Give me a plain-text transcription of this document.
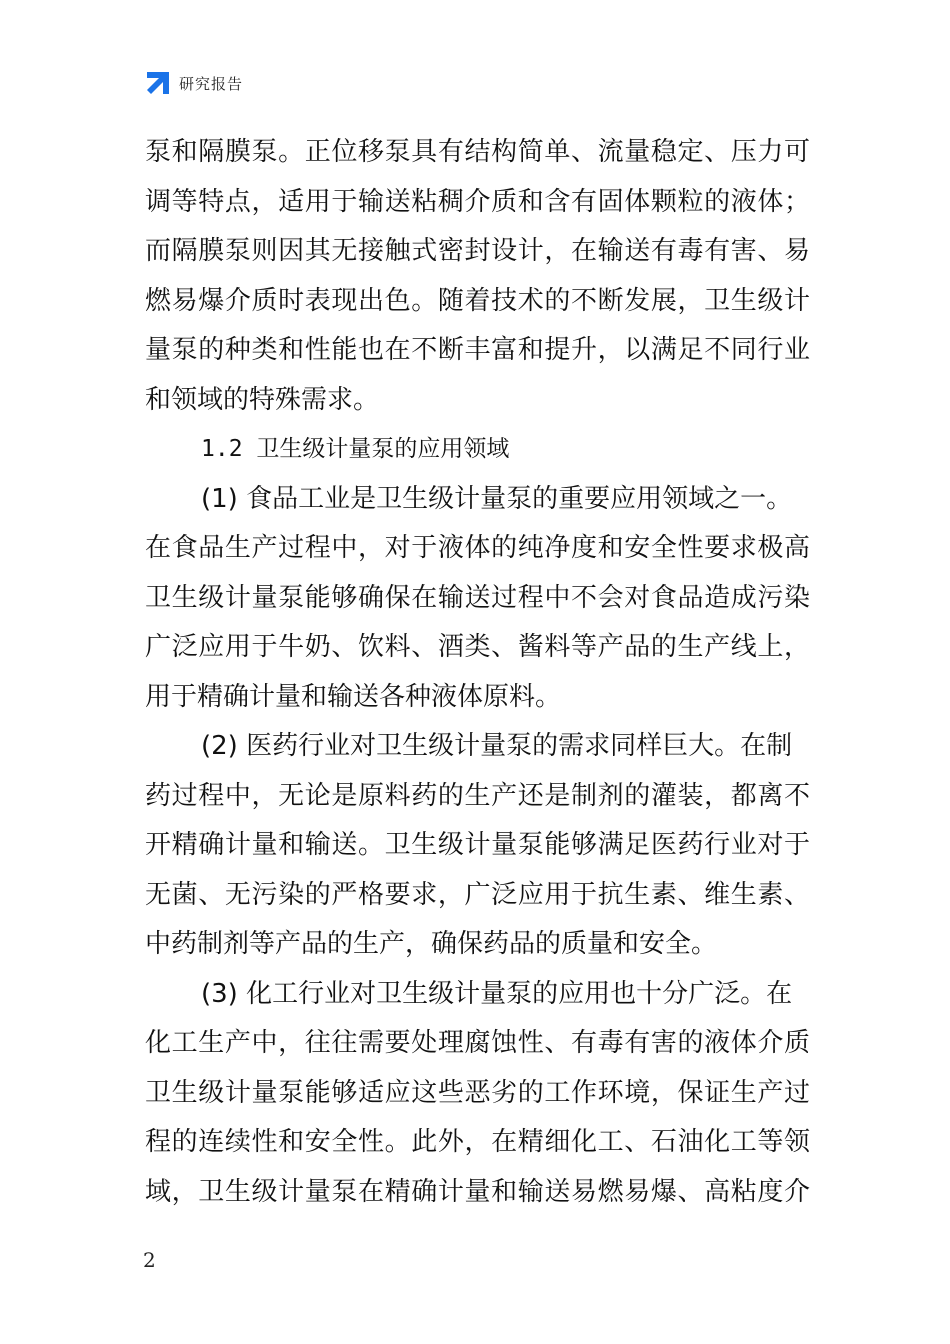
研究报告
泵和隔膜泵。正位移泵具有结构简单、流量稳定、压力可
调等特点，适用于输送粘稠介质和含有固体颗粒的液体；
而隔膜泵则因其无接触式密封设计，在输送有毒有害、易
燃易爆介质时表现出色。随着技术的不断发展，卫生级计
量泵的种类和性能也在不断丰富和提升，以满足不同行业
和领域的特殊需求。
1.2 卫生级计量泵的应用领域
(1) 食品工业是卫生级计量泵的重要应用领域之一。
在食品生产过程中，对于液体的纯净度和安全性要求极高
卫生级计量泵能够确保在输送过程中不会对食品造成污染
广泛应用于牛奶、饮料、酒类、酱料等产品的生产线上，
用于精确计量和输送各种液体原料。
(2) 医药行业对卫生级计量泵的需求同样巨大。在制
药过程中，无论是原料药的生产还是制剂的灌装，都离不
开精确计量和输送。卫生级计量泵能够满足医药行业对于
无菌、无污染的严格要求，广泛应用于抗生素、维生素、
中药制剂等产品的生产，确保药品的质量和安全。
(3) 化工行业对卫生级计量泵的应用也十分广泛。在
化工生产中，往往需要处理腐蚀性、有毒有害的液体介质
卫生级计量泵能够适应这些恶劣的工作环境，保证生产过
程的连续性和安全性。此外，在精细化工、石油化工等领
域，卫生级计量泵在精确计量和输送易燃易爆、高粘度介
2
